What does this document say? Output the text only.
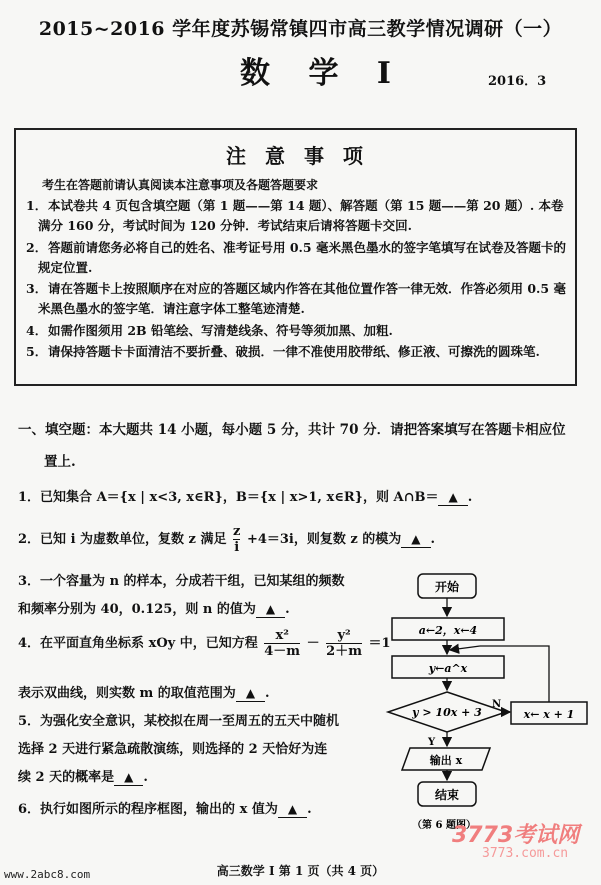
2015~2016 学年度苏锡常镇四市高三教学情况调研（一）
数 学 I	2016．3
注 意 事 项
考生在答题前请认真阅读本注意事项及各题答题要求
1． 本试卷共 4 页包含填空题（第 1 题——第 14 题）、解答题（第 15 题——第 20 题）. 本卷满分 160 分，考试时间为 120 分钟．考试结束后请将答题卡交回.
2． 答题前请您务必将自己的姓名、准考证号用 0.5 毫米黑色墨水的签字笔填写在试卷及答题卡的规定位置.
3． 请在答题卡上按照顺序在对应的答题区域内作答在其他位置作答一律无效．作答必须用 0.5 毫米黑色墨水的签字笔．请注意字体工整笔迹清楚.
4． 如需作图须用 2B 铅笔绘、写清楚线条、符号等须加黑、加粗.
5． 请保持答题卡卡面清洁不要折叠、破损．一律不准使用胶带纸、修正液、可擦洗的圆珠笔.
一、填空题：本大题共 14 小题，每小题 5 分，共计 70 分．请把答案填写在答题卡相应位
置上.
1．已知集合 A＝{x | x<3, x∈R}，B＝{x | x>1, x∈R}，则 A∩B＝ ▲ .
2．已知 i 为虚数单位，复数 z 满足 $\frac{z}{i} +4=3i$，则复数 z 的模为 ▲ .
3．一个容量为 n 的样本，分成若干组，已知某组的频数
和频率分别为 40，0.125，则 n 的值为 ▲ .
4．在平面直角坐标系 xOy 中，已知方程 $\frac{\text{x²}}{4-m} - \frac{\text{y²}}{2+m} =1$
表示双曲线，则实数 m 的取值范围为 ▲ .
5．为强化安全意识，某校拟在周一至周五的五天中随机
选择 2 天进行紧急疏散演练，则选择的 2 天恰好为连
续 2 天的概率是 ▲ .
6．执行如图所示的程序框图，输出的 x 值为 ▲ .
开始
a←2，x←4
y←a^x
y > 10x + 3
N
x← x + 1
Y
输出 x
结束
（第 6 题图）
3773考试网
3773.com.cn
高三数学 I 第 1 页（共 4 页）
www.2abc8.com
